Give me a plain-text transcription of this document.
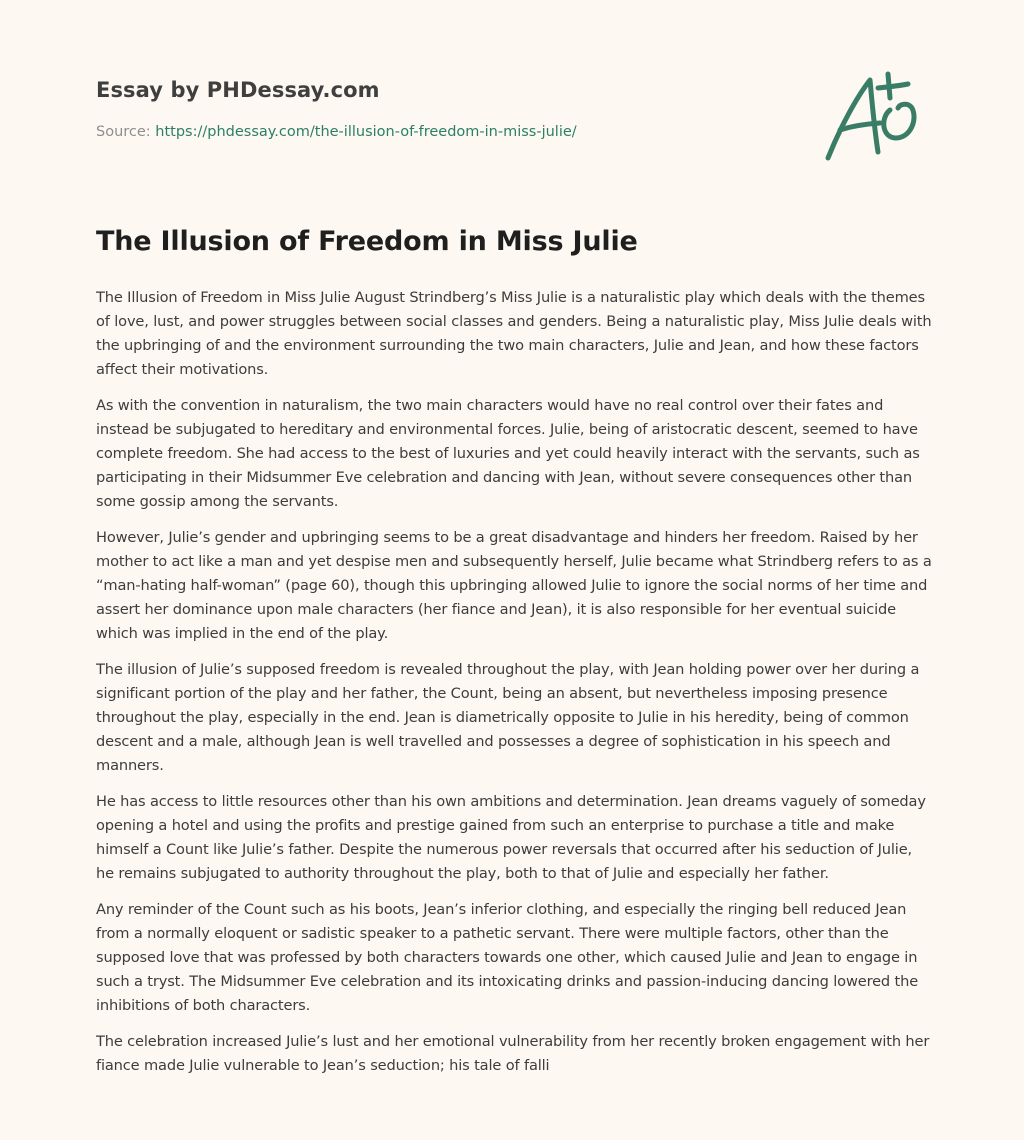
Essay by PHDessay.com
Source: https://phdessay.com/the-illusion-of-freedom-in-miss-julie/
The Illusion of Freedom in Miss Julie

The Illusion of Freedom in Miss Julie August Strindberg’s Miss Julie is a naturalistic play which deals with the themes of love, lust, and power struggles between social classes and genders. Being a naturalistic play, Miss Julie deals with the upbringing of and the environment surrounding the two main characters, Julie and Jean, and how these factors affect their motivations.

As with the convention in naturalism, the two main characters would have no real control over their fates and instead be subjugated to hereditary and environmental forces. Julie, being of aristocratic descent, seemed to have complete freedom. She had access to the best of luxuries and yet could heavily interact with the servants, such as participating in their Midsummer Eve celebration and dancing with Jean, without severe consequences other than some gossip among the servants.

However, Julie’s gender and upbringing seems to be a great disadvantage and hinders her freedom. Raised by her mother to act like a man and yet despise men and subsequently herself, Julie became what Strindberg refers to as a “man-hating half-woman” (page 60), though this upbringing allowed Julie to ignore the social norms of her time and assert her dominance upon male characters (her fiance and Jean), it is also responsible for her eventual suicide which was implied in the end of the play.

The illusion of Julie’s supposed freedom is revealed throughout the play, with Jean holding power over her during a significant portion of the play and her father, the Count, being an absent, but nevertheless imposing presence throughout the play, especially in the end. Jean is diametrically opposite to Julie in his heredity, being of common descent and a male, although Jean is well travelled and possesses a degree of sophistication in his speech and manners.

He has access to little resources other than his own ambitions and determination. Jean dreams vaguely of someday opening a hotel and using the profits and prestige gained from such an enterprise to purchase a title and make himself a Count like Julie’s father. Despite the numerous power reversals that occurred after his seduction of Julie, he remains subjugated to authority throughout the play, both to that of Julie and especially her father.

Any reminder of the Count such as his boots, Jean’s inferior clothing, and especially the ringing bell reduced Jean from a normally eloquent or sadistic speaker to a pathetic servant. There were multiple factors, other than the supposed love that was professed by both characters towards one other, which caused Julie and Jean to engage in such a tryst. The Midsummer Eve celebration and its intoxicating drinks and passion-inducing dancing lowered the inhibitions of both characters.

The celebration increased Julie’s lust and her emotional vulnerability from her recently broken engagement with her fiance made Julie vulnerable to Jean’s seduction; his tale of falli
